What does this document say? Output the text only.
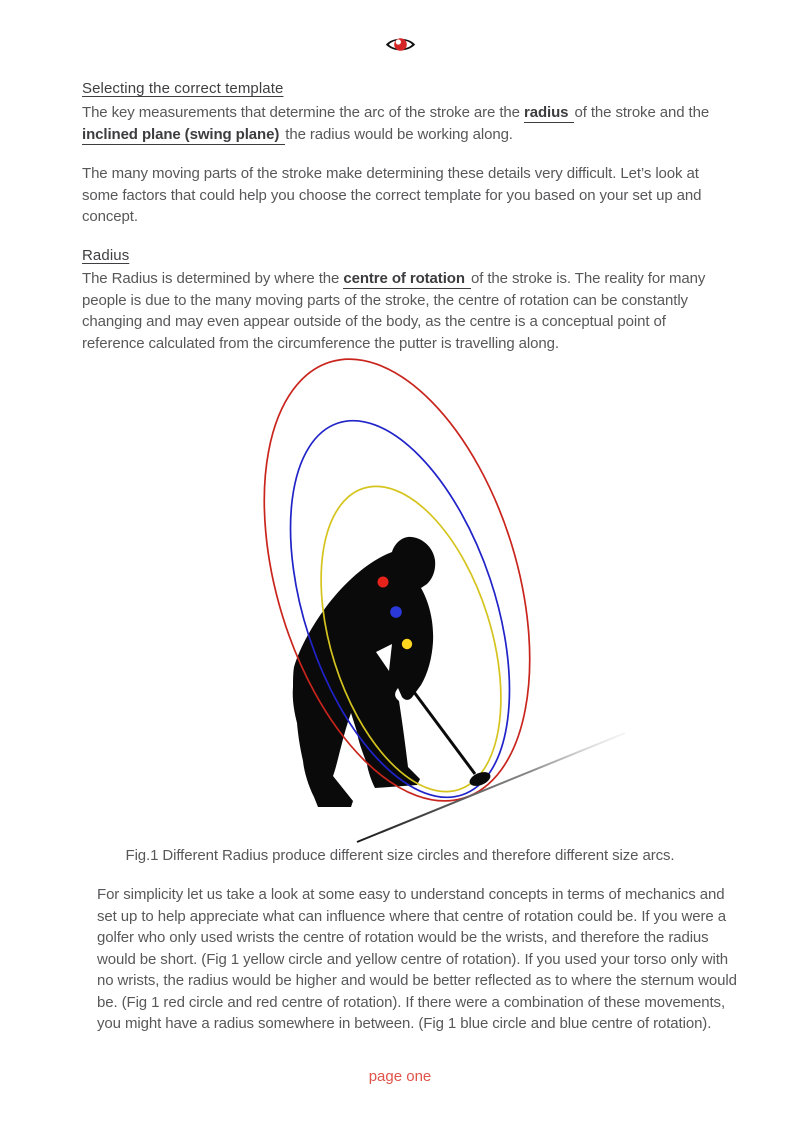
Selecting the correct template
The key measurements that determine the arc of the stroke are the radius of the stroke and the
inclined plane (swing plane) the radius would be working along.
The many moving parts of the stroke make determining these details very difficult. Let’s look at
some factors that could help you choose the correct template for you based on your set up and
concept.
Radius
The Radius is determined by where the centre of rotation of the stroke is. The reality for many
people is due to the many moving parts of the stroke, the centre of rotation can be constantly
changing and may even appear outside of the body, as the centre is a conceptual point of
reference calculated from the circumference the putter is travelling along.
Fig.1 Different Radius produce different size circles and therefore different size arcs.
For simplicity let us take a look at some easy to understand concepts in terms of mechanics and
set up to help appreciate what can influence where that centre of rotation could be. If you were a
golfer who only used wrists the centre of rotation would be the wrists, and therefore the radius
would be short. (Fig 1 yellow circle and yellow centre of rotation). If you used your torso only with
no wrists, the radius would be higher and would be better reflected as to where the sternum would
be. (Fig 1 red circle and red centre of rotation). If there were a combination of these movements,
you might have a radius somewhere in between. (Fig 1 blue circle and blue centre of rotation).
page one
